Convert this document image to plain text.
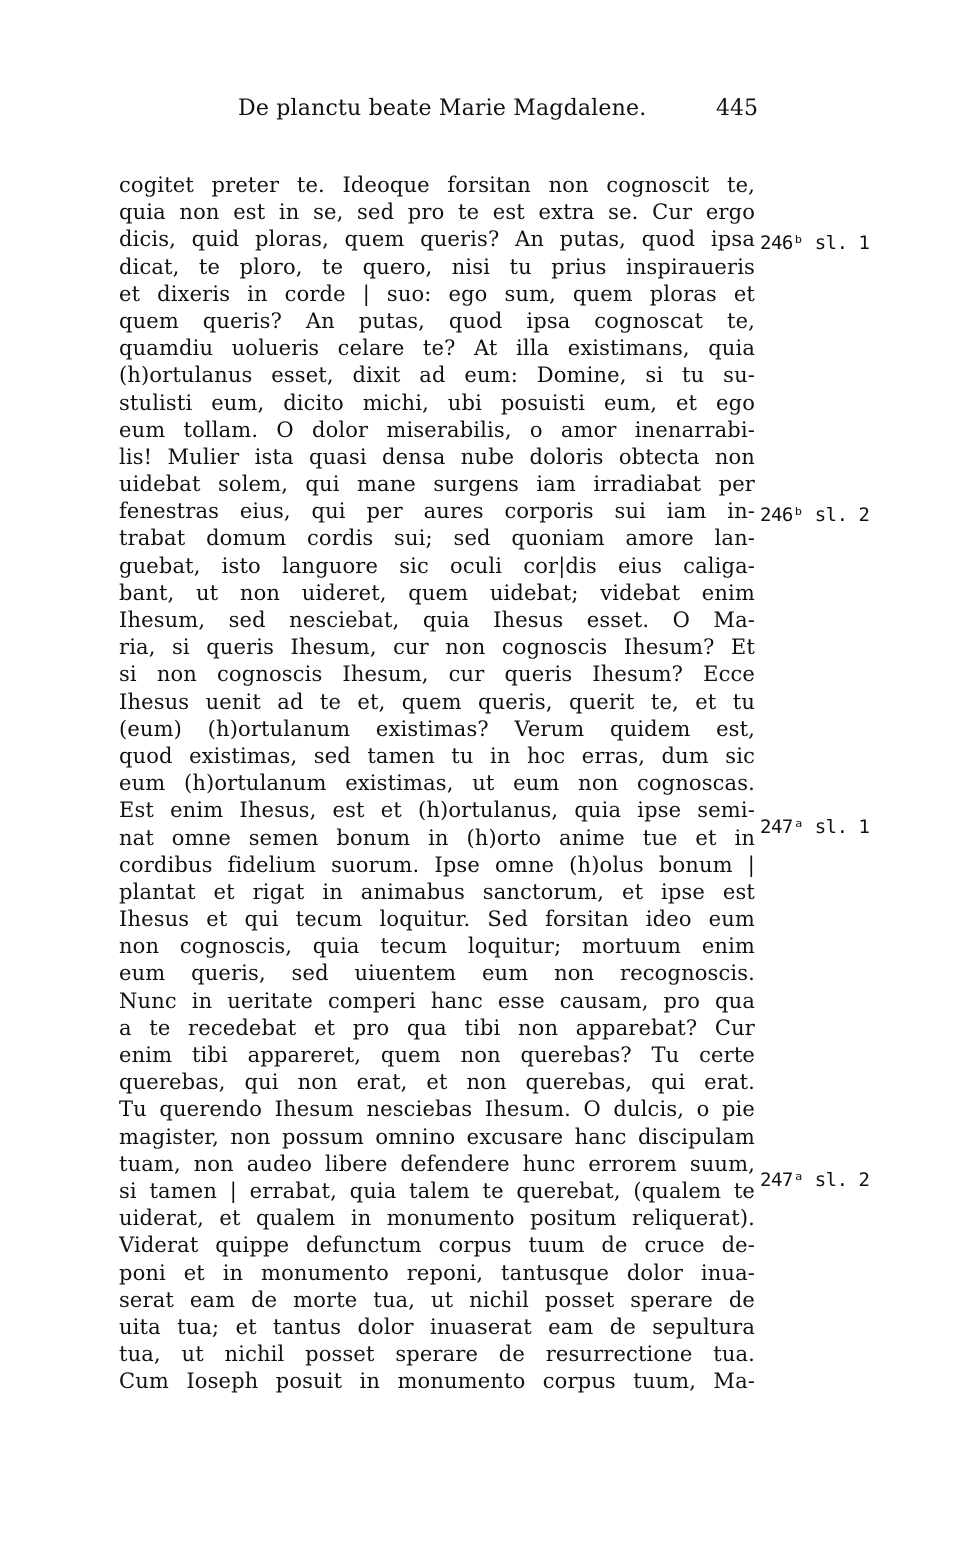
De planctu beate Marie Magdalene.	445
cogitet preter te. Ideoque forsitan non cognoscit te,
quia non est in se, sed pro te est extra se. Cur ergo
dicis, quid ploras, quem queris? An putas, quod ipsa
dicat, te ploro, te quero, nisi tu prius inspiraueris
et dixeris in corde | suo: ego sum, quem ploras et
quem queris? An putas, quod ipsa cognoscat te,
quamdiu uolueris celare te? At illa existimans, quia
(h)ortulanus esset, dixit ad eum: Domine, si tu su-
stulisti eum, dicito michi, ubi posuisti eum, et ego
eum tollam. O dolor miserabilis, o amor inenarrabi-
lis! Mulier ista quasi densa nube doloris obtecta non
uidebat solem, qui mane surgens iam irradiabat per
fenestras eius, qui per aures corporis sui iam in-
trabat domum cordis sui; sed quoniam amore lan-
guebat, isto languore sic oculi cor|dis eius caliga-
bant, ut non uideret, quem uidebat; videbat enim
Ihesum, sed nesciebat, quia Ihesus esset. O Ma-
ria, si queris Ihesum, cur non cognoscis Ihesum? Et
si non cognoscis Ihesum, cur queris Ihesum? Ecce
Ihesus uenit ad te et, quem queris, querit te, et tu
(eum) (h)ortulanum existimas? Verum quidem est,
quod existimas, sed tamen tu in hoc erras, dum sic
eum (h)ortulanum existimas, ut eum non cognoscas.
Est enim Ihesus, est et (h)ortulanus, quia ipse semi-
nat omne semen bonum in (h)orto anime tue et in
cordibus fidelium suorum. Ipse omne (h)olus bonum |
plantat et rigat in animabus sanctorum, et ipse est
Ihesus et qui tecum loquitur. Sed forsitan ideo eum
non cognoscis, quia tecum loquitur; mortuum enim
eum queris, sed uiuentem eum non recognoscis.
Nunc in ueritate comperi hanc esse causam, pro qua
a te recedebat et pro qua tibi non apparebat? Cur
enim tibi appareret, quem non querebas? Tu certe
querebas, qui non erat, et non querebas, qui erat.
Tu querendo Ihesum nesciebas Ihesum. O dulcis, o pie
magister, non possum omnino excusare hanc discipulam
tuam, non audeo libere defendere hunc errorem suum,
si tamen | errabat, quia talem te querebat, (qualem te
uiderat, et qualem in monumento positum reliquerat).
Viderat quippe defunctum corpus tuum de cruce de-
poni et in monumento reponi, tantusque dolor inua-
serat eam de morte tua, ut nichil posset sperare de
uita tua; et tantus dolor inuaserat eam de sepultura
tua, ut nichil posset sperare de resurrectione tua.
Cum Ioseph posuit in monumento corpus tuum, Ma-
246ᵇ sl. 1
246ᵇ sl. 2
247ᵃ sl. 1
247ᵃ sl. 2
